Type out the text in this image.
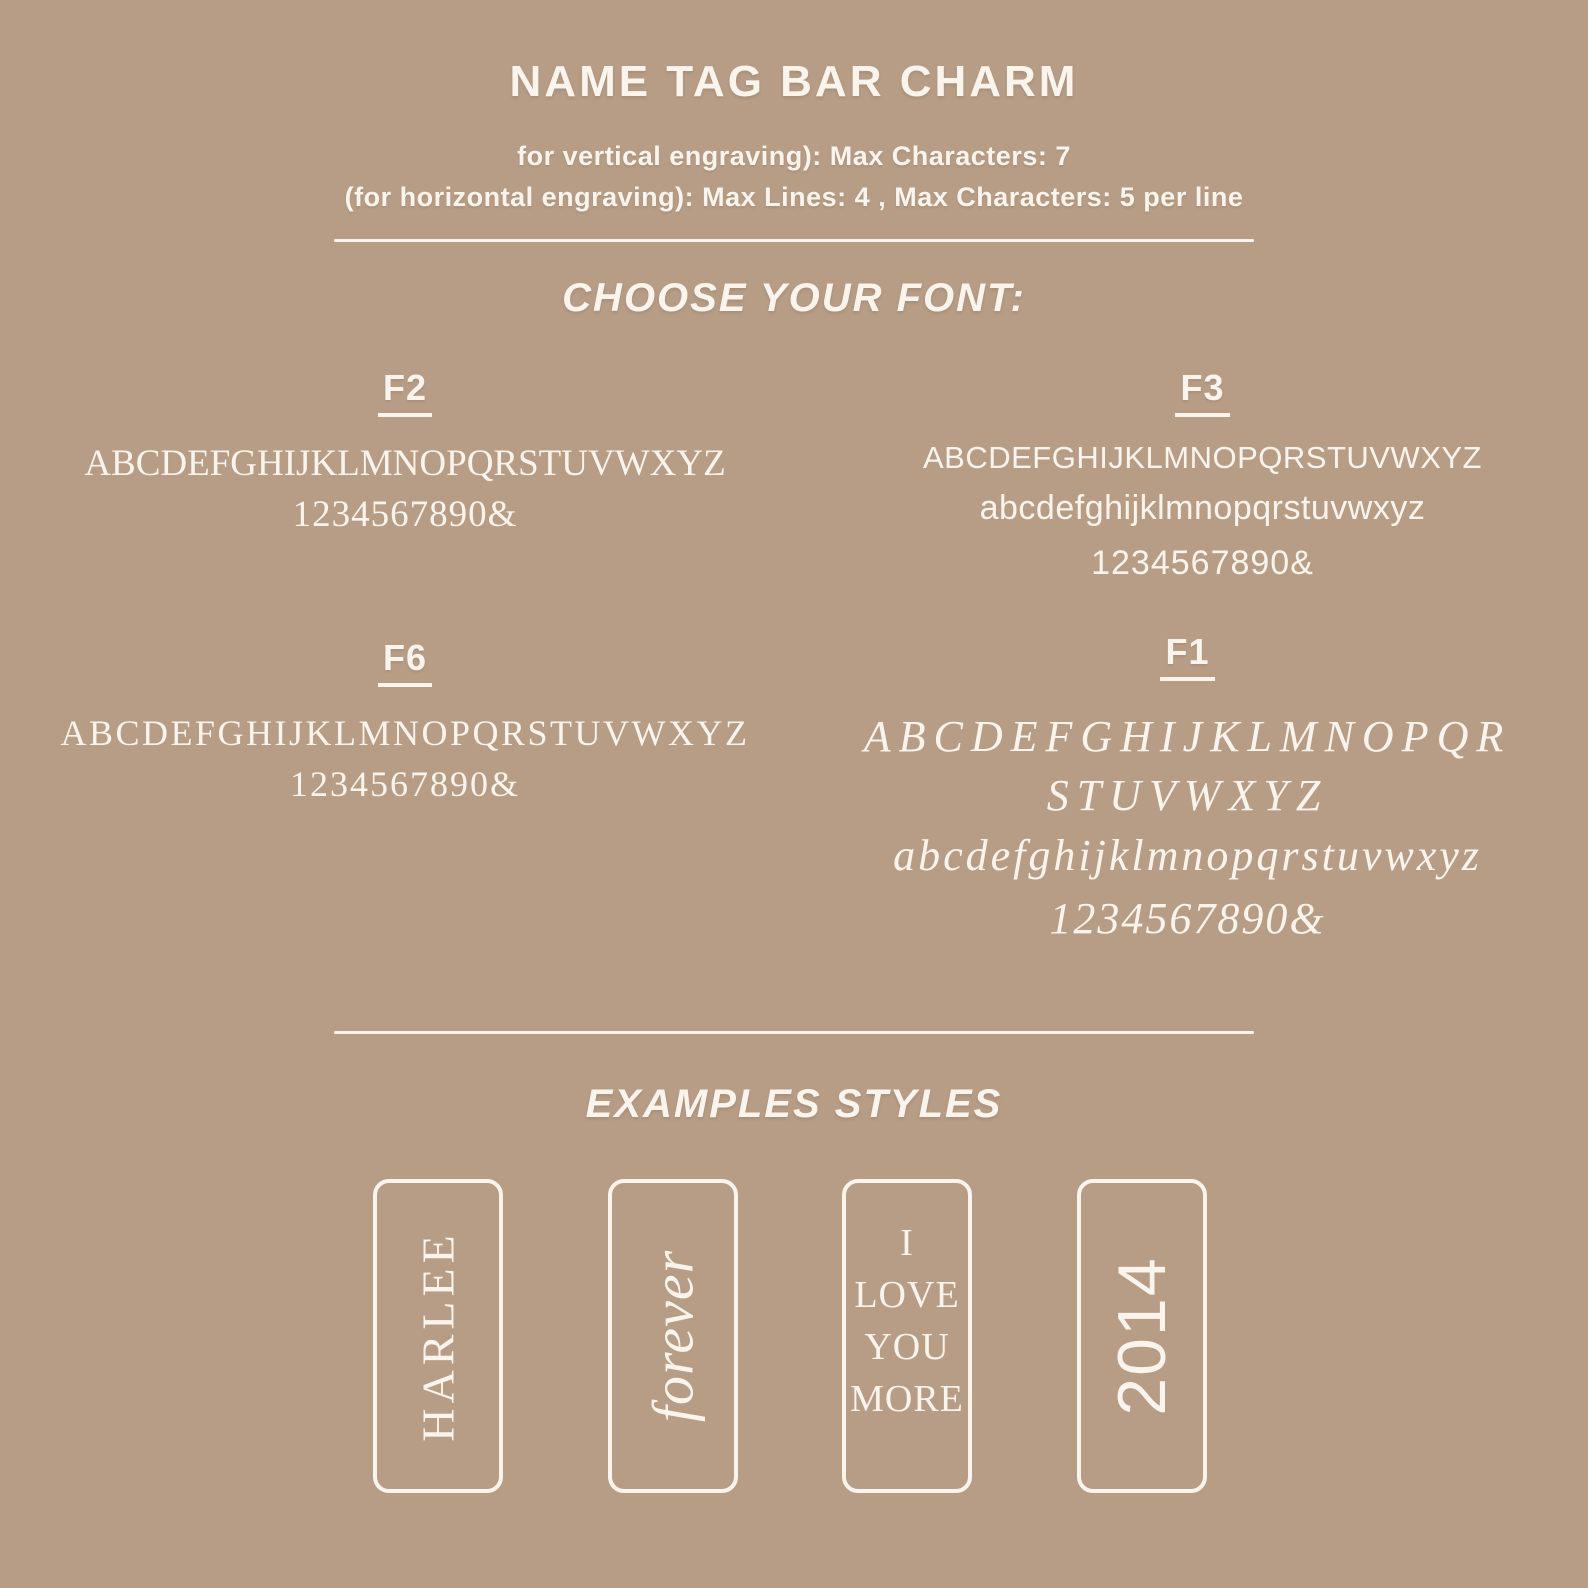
NAME TAG BAR CHARM
for vertical engraving): Max Characters: 7
(for horizontal engraving): Max Lines: 4 , Max Characters: 5 per line
CHOOSE YOUR FONT:
F2
ABCDEFGHIJKLMNOPQRSTUVWXYZ
1234567890&
F3
ABCDEFGHIJKLMNOPQRSTUVWXYZ
abcdefghijklmnopqrstuvwxyz
1234567890&
F6
ABCDEFGHIJKLMNOPQRSTUVWXYZ
1234567890&
F1
ABCDEFGHIJKLMNOPQR
STUVWXYZ
abcdefghijklmnopqrstuvwxyz
1234567890&
EXAMPLES STYLES
HARLEE	forever
I
LOVE
YOU
MORE 2014
